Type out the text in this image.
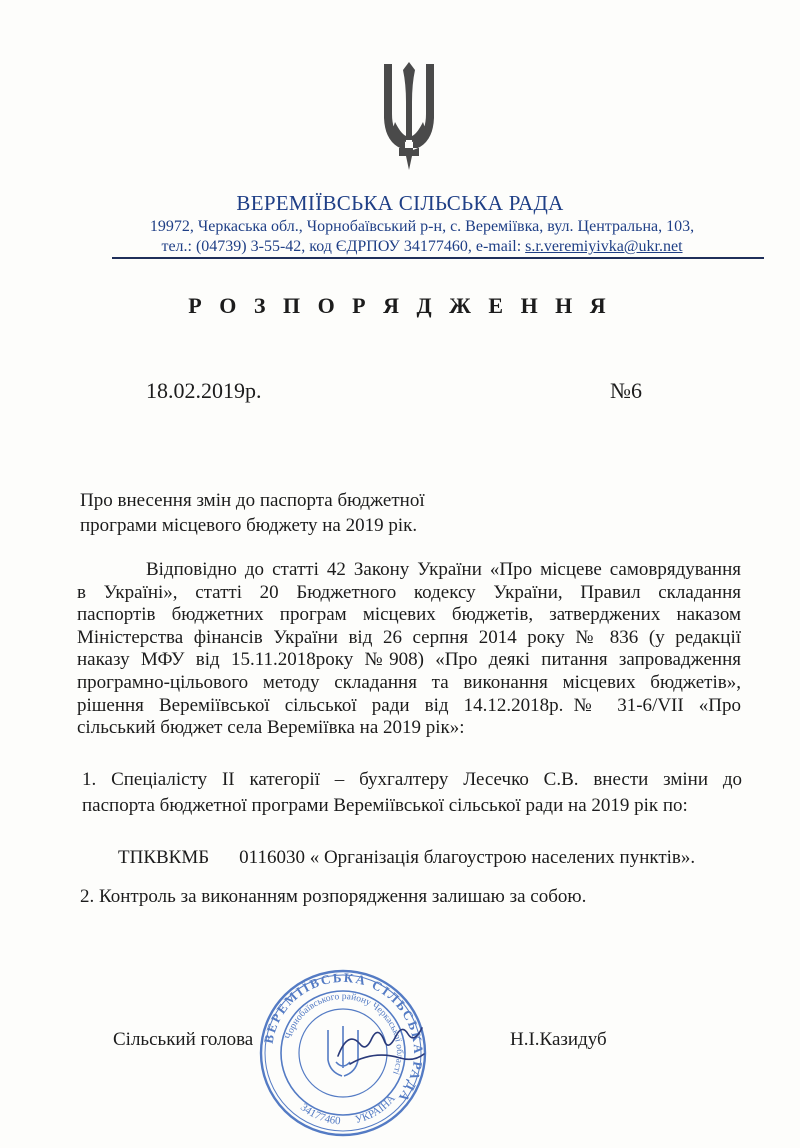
ВЕРЕМІЇВСЬКА СІЛЬСЬКА РАДА
19972, Черкаська обл., Чорнобаївський р-н, с. Веремiївка, вул. Центральна, 103,
тел.: (04739) 3-55-42, код ЄДРПОУ 34177460, e-mail: s.r.veremiyivka@ukr.net
Р О З П О Р Я Д Ж Е Н Н Я
18.02.2019р.	№6
Про внесення змін до паспорта бюджетної
програми місцевого бюджету на 2019 рік.
Відповідно до статті 42 Закону України «Про місцеве самоврядування
в Україні», статті 20 Бюджетного кодексу України, Правил складання
паспортів бюджетних програм місцевих бюджетів, затверджених наказом
Міністерства фінансів України від 26 серпня 2014 року № 836 (у редакції
наказу МФУ від 15.11.2018року №908) «Про деякі питання запровадження
програмно-цільового методу складання та виконання місцевих бюджетів»,
рішення Веремiївської сільської ради від 14.12.2018р.№ 31-6/VII «Про
сільський бюджет села Веремiївка на 2019 рік»:
1. Спеціалісту ІІ категорії – бухгалтеру Лесечко С.В. внести зміни до
паспорта бюджетної програми Веремiївської сільської ради на 2019 рік по:
ТПКВКМБ 0116030 « Організація благоустрою населених пунктів».
2. Контроль за виконанням розпорядження залишаю за собою.
Сільський голова	Н.І.Казидуб
ВЕРЕМІЇВСЬКА СІЛЬСЬКА РАДА
Чорнобаївського району Черкаської області
34177460 УКРАЇНА
